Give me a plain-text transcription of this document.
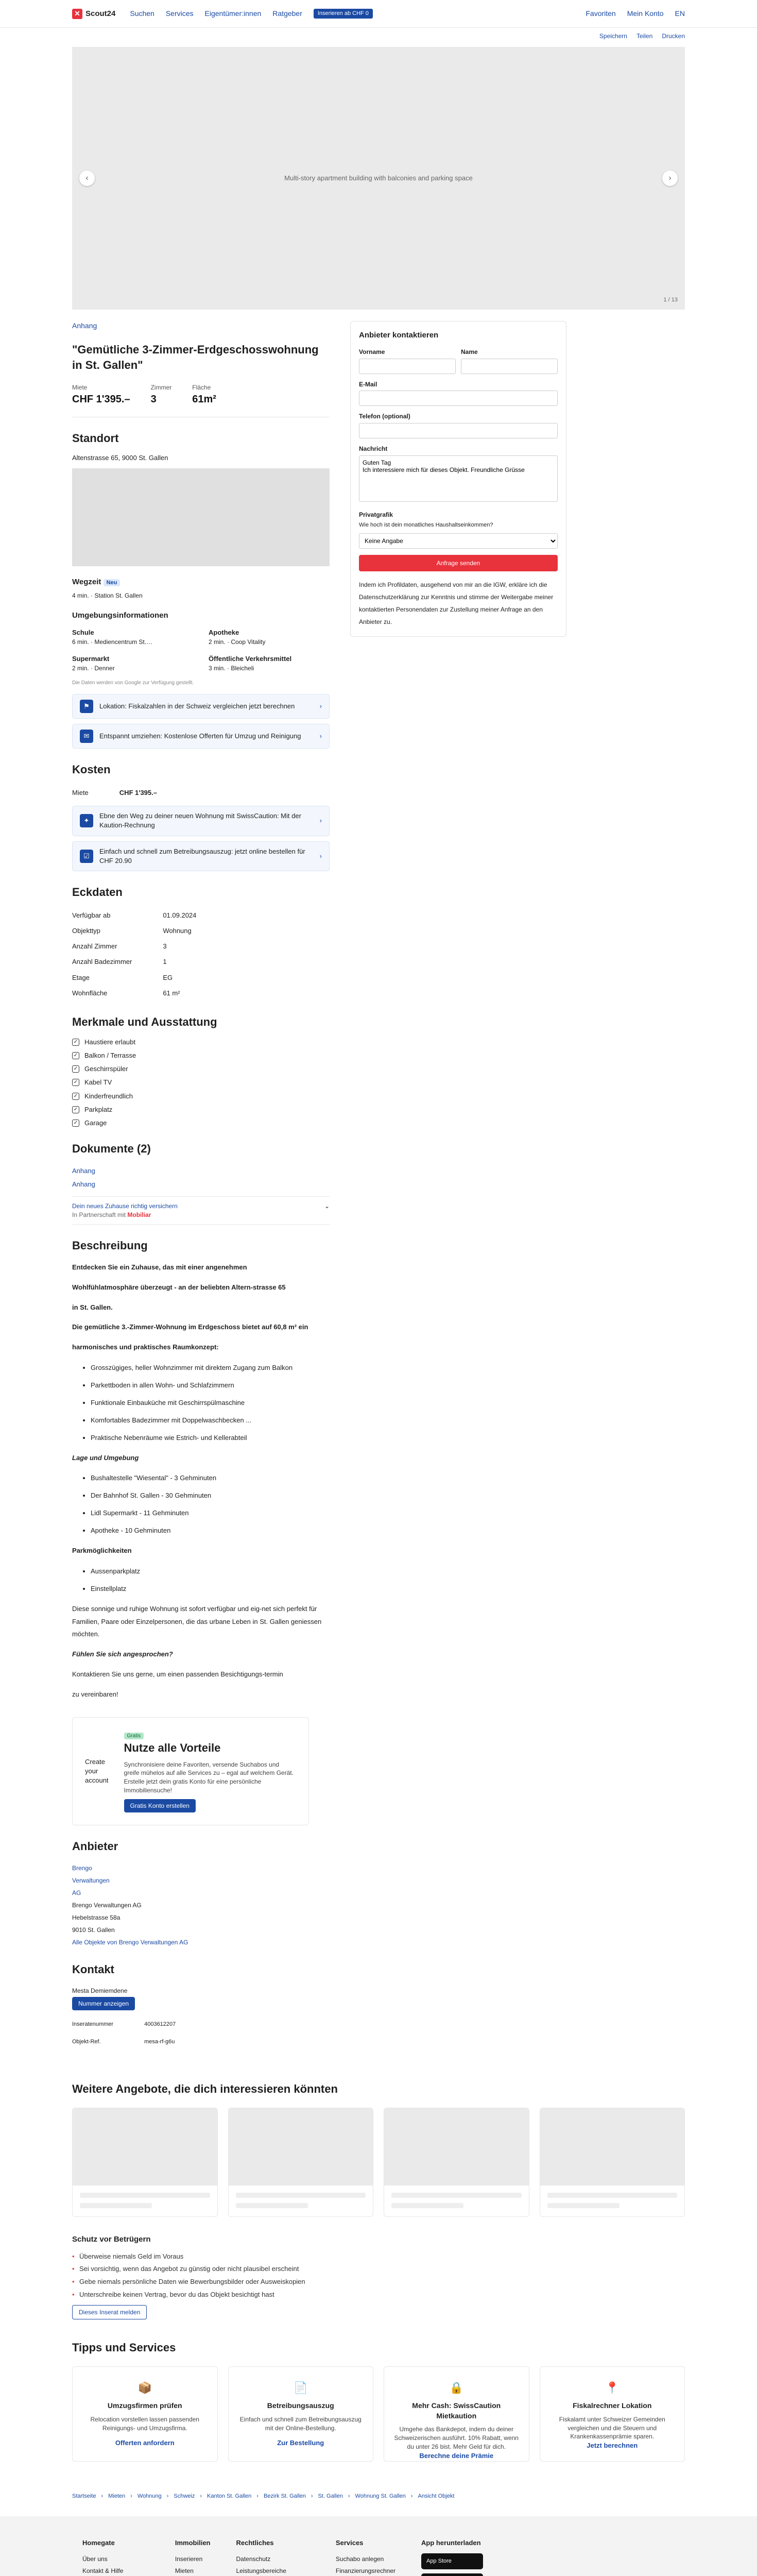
✕ Scout24 Suchen Services Eigentümer:innen Ratgeber	Inserieren ab CHF 0	Favoriten Mein Konto EN
Speichern Teilen Drucken
Multi-story apartment building with balconies and parking space
‹	›
1 / 13
Anhang
"Gemütliche 3-Zimmer-Erdgeschosswohnung in St. Gallen"
Miete
CHF 1'395.–
Zimmer
3
Fläche
61m²
Standort
Altenstrasse 65, 9000 St. Gallen
Wegzeit Neu
4 min. · Station St. Gallen
Umgebungsinformationen
Schule
6 min. · Mediencentrum St.…
Apotheke
2 min. · Coop Vitality
Supermarkt
2 min. · Denner
Öffentliche Verkehrsmittel
3 min. · Bleicheli
Die Daten werden von Google zur Verfügung gestellt.
⚑	Lokation: Fiskalzahlen in der Schweiz vergleichen jetzt berechnen	›
✉	Entspannt umziehen: Kostenlose Offerten für Umzug und Reinigung	›
Kosten
Miete	CHF 1'395.–
✦
Ebne den Weg zu deiner neuen Wohnung mit SwissCaution: Mit der Kaution-Rechnung
›
☑
Einfach und schnell zum Betreibungsauszug: jetzt online bestellen für CHF 20.90
›
Eckdaten
Verfügbar ab	01.09.2024
Objekttyp	Wohnung
Anzahl Zimmer	3
Anzahl Badezimmer	1
Etage	EG
Wohnfläche	61 m²
Merkmale und Ausstattung
✓ Haustiere erlaubt
✓ Balkon / Terrasse
✓ Geschirrspüler
✓ Kabel TV
✓ Kinderfreundlich
✓ Parkplatz
✓ Garage
Dokumente (2)
Anhang
Anhang
Dein neues Zuhause richtig versichern
In Partnerschaft mit Mobiliar
⌄
Beschreibung

Entdecken Sie ein Zuhause, das mit einer angenehmen

Wohlfühlatmosphäre überzeugt - an der beliebten Altern-strasse 65

in St. Gallen.

Die gemütliche 3.-Zimmer-Wohnung im Erdgeschoss bietet auf 60,8 m² ein

harmonisches und praktisches Raumkonzept:

• Grosszügiges, heller Wohnzimmer mit direktem Zugang zum Balkon
• Parkettboden in allen Wohn- und Schlafzimmern
• Funktionale Einbauküche mit Geschirrspülmaschine
• Komfortables Badezimmer mit Doppelwaschbecken ...
• Praktische Nebenräume wie Estrich- und Kellerabteil

Lage und Umgebung

• Bushaltestelle "Wiesental" - 3 Gehminuten
• Der Bahnhof St. Gallen - 30 Gehminuten
• Lidl Supermarkt - 11 Gehminuten
• Apotheke - 10 Gehminuten

Parkmöglichkeiten

• Aussenparkplatz
• Einstellplatz

Diese sonnige und ruhige Wohnung ist sofort verfügbar und eig-net sich perfekt für Familien, Paare oder Einzelpersonen, die das urbane Leben in St. Gallen geniessen möchten.

Fühlen Sie sich angesprochen?

Kontaktieren Sie uns gerne, um einen passenden Besichtigungs-termin

zu vereinbaren!

Create your account
Gratis
Nutze alle Vorteile

Synchronisiere deine Favoriten, versende Suchabos und greife mühelos auf alle Services zu – egal auf welchem Gerät. Erstelle jetzt dein gratis Konto für eine persönliche Immobiliensuche!

Gratis Konto erstellen
Anbieter
Brengo Verwaltungen AG
Brengo Verwaltungen AG
Hebelstrasse 58a
9010 St. Gallen
Alle Objekte von Brengo Verwaltungen AG
Kontakt
Mesta Demiemdene
Nummer anzeigen
Inseratenummer	4003612207
Objekt-Ref.	mesa-rf-g6u
Anbieter kontaktieren
Vorname	Name
E-Mail
Telefon (optional)
Nachricht
Guten Tag Ich interessiere mich für dieses Objekt. Freundliche Grüsse
Privatgrafik
Wie hoch ist dein monatliches Haushaltseinkommen?
Keine Angabe Anfrage senden
Indem ich Profildaten, ausgehend von mir an die IGW, erkläre ich die Datenschutzerklärung zur Kenntnis und stimme der Weitergabe meiner kontaktierten Personendaten zur Zustellung meiner Anfrage an den Anbieter zu.
Weitere Angebote, die dich interessieren könnten
Schutz vor Betrügern
• Überweise niemals Geld im Voraus
• Sei vorsichtig, wenn das Angebot zu günstig oder nicht plausibel erscheint
• Gebe niemals persönliche Daten wie Bewerbungsbilder oder Ausweiskopien
• Unterschreibe keinen Vertrag, bevor du das Objekt besichtigt hast
Dieses Inserat melden
Tipps und Services
📦
Umzugsfirmen prüfen

Relocation vorstellen lassen passenden Reinigungs- und Umzugsfirma.

Offerten anfordern
📄
Betreibungsauszug

Einfach und schnell zum Betreibungsauszug mit der Online-Bestellung.

Zur Bestellung
🔒
Mehr Cash: SwissCaution Mietkaution

Umgehe das Bankdepot, indem du deiner Schweizerischen ausführt. 10% Rabatt, wenn du unter 26 bist. Mehr Geld für dich.

Berechne deine Prämie
📍
Fiskalrechner Lokation

Fiskalamt unter Schweizer Gemeinden vergleichen und die Steuern und Krankenkassenprämie sparen.

Jetzt berechnen
Startseite › Mieten › Wohnung › Schweiz › Kanton St. Gallen › Bezirk St. Gallen › St. Gallen › Wohnung St. Gallen › Ansicht Objekt
Homegate
Über uns
Kontakt & Hilfe
Immobilien
Inserieren
Mieten
Rechtliches
Datenschutz
Leistungsbereiche
Services
Suchabo anlegen
Finanzierungsrechner
App herunterladen
App Store
